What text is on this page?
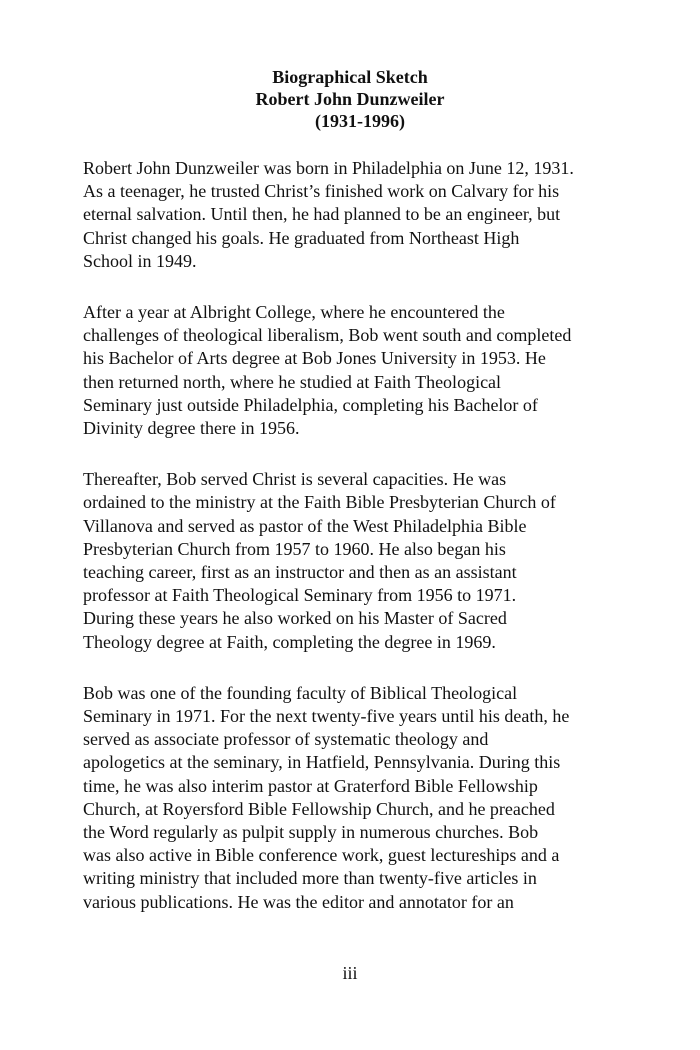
Biographical Sketch

Robert John Dunzweiler

(1931-1996)

Robert John Dunzweiler was born in Philadelphia on June 12, 1931.
As a teenager, he trusted Christ’s finished work on Calvary for his
eternal salvation. Until then, he had planned to be an engineer, but
Christ changed his goals. He graduated from Northeast High
School in 1949.
After a year at Albright College, where he encountered the
challenges of theological liberalism, Bob went south and completed
his Bachelor of Arts degree at Bob Jones University in 1953. He
then returned north, where he studied at Faith Theological
Seminary just outside Philadelphia, completing his Bachelor of
Divinity degree there in 1956.
Thereafter, Bob served Christ is several capacities. He was
ordained to the ministry at the Faith Bible Presbyterian Church of
Villanova and served as pastor of the West Philadelphia Bible
Presbyterian Church from 1957 to 1960. He also began his
teaching career, first as an instructor and then as an assistant
professor at Faith Theological Seminary from 1956 to 1971.
During these years he also worked on his Master of Sacred
Theology degree at Faith, completing the degree in 1969.
Bob was one of the founding faculty of Biblical Theological
Seminary in 1971. For the next twenty-five years until his death, he
served as associate professor of systematic theology and
apologetics at the seminary, in Hatfield, Pennsylvania. During this
time, he was also interim pastor at Graterford Bible Fellowship
Church, at Royersford Bible Fellowship Church, and he preached
the Word regularly as pulpit supply in numerous churches. Bob
was also active in Bible conference work, guest lectureships and a
writing ministry that included more than twenty-five articles in
various publications. He was the editor and annotator for an
iii
